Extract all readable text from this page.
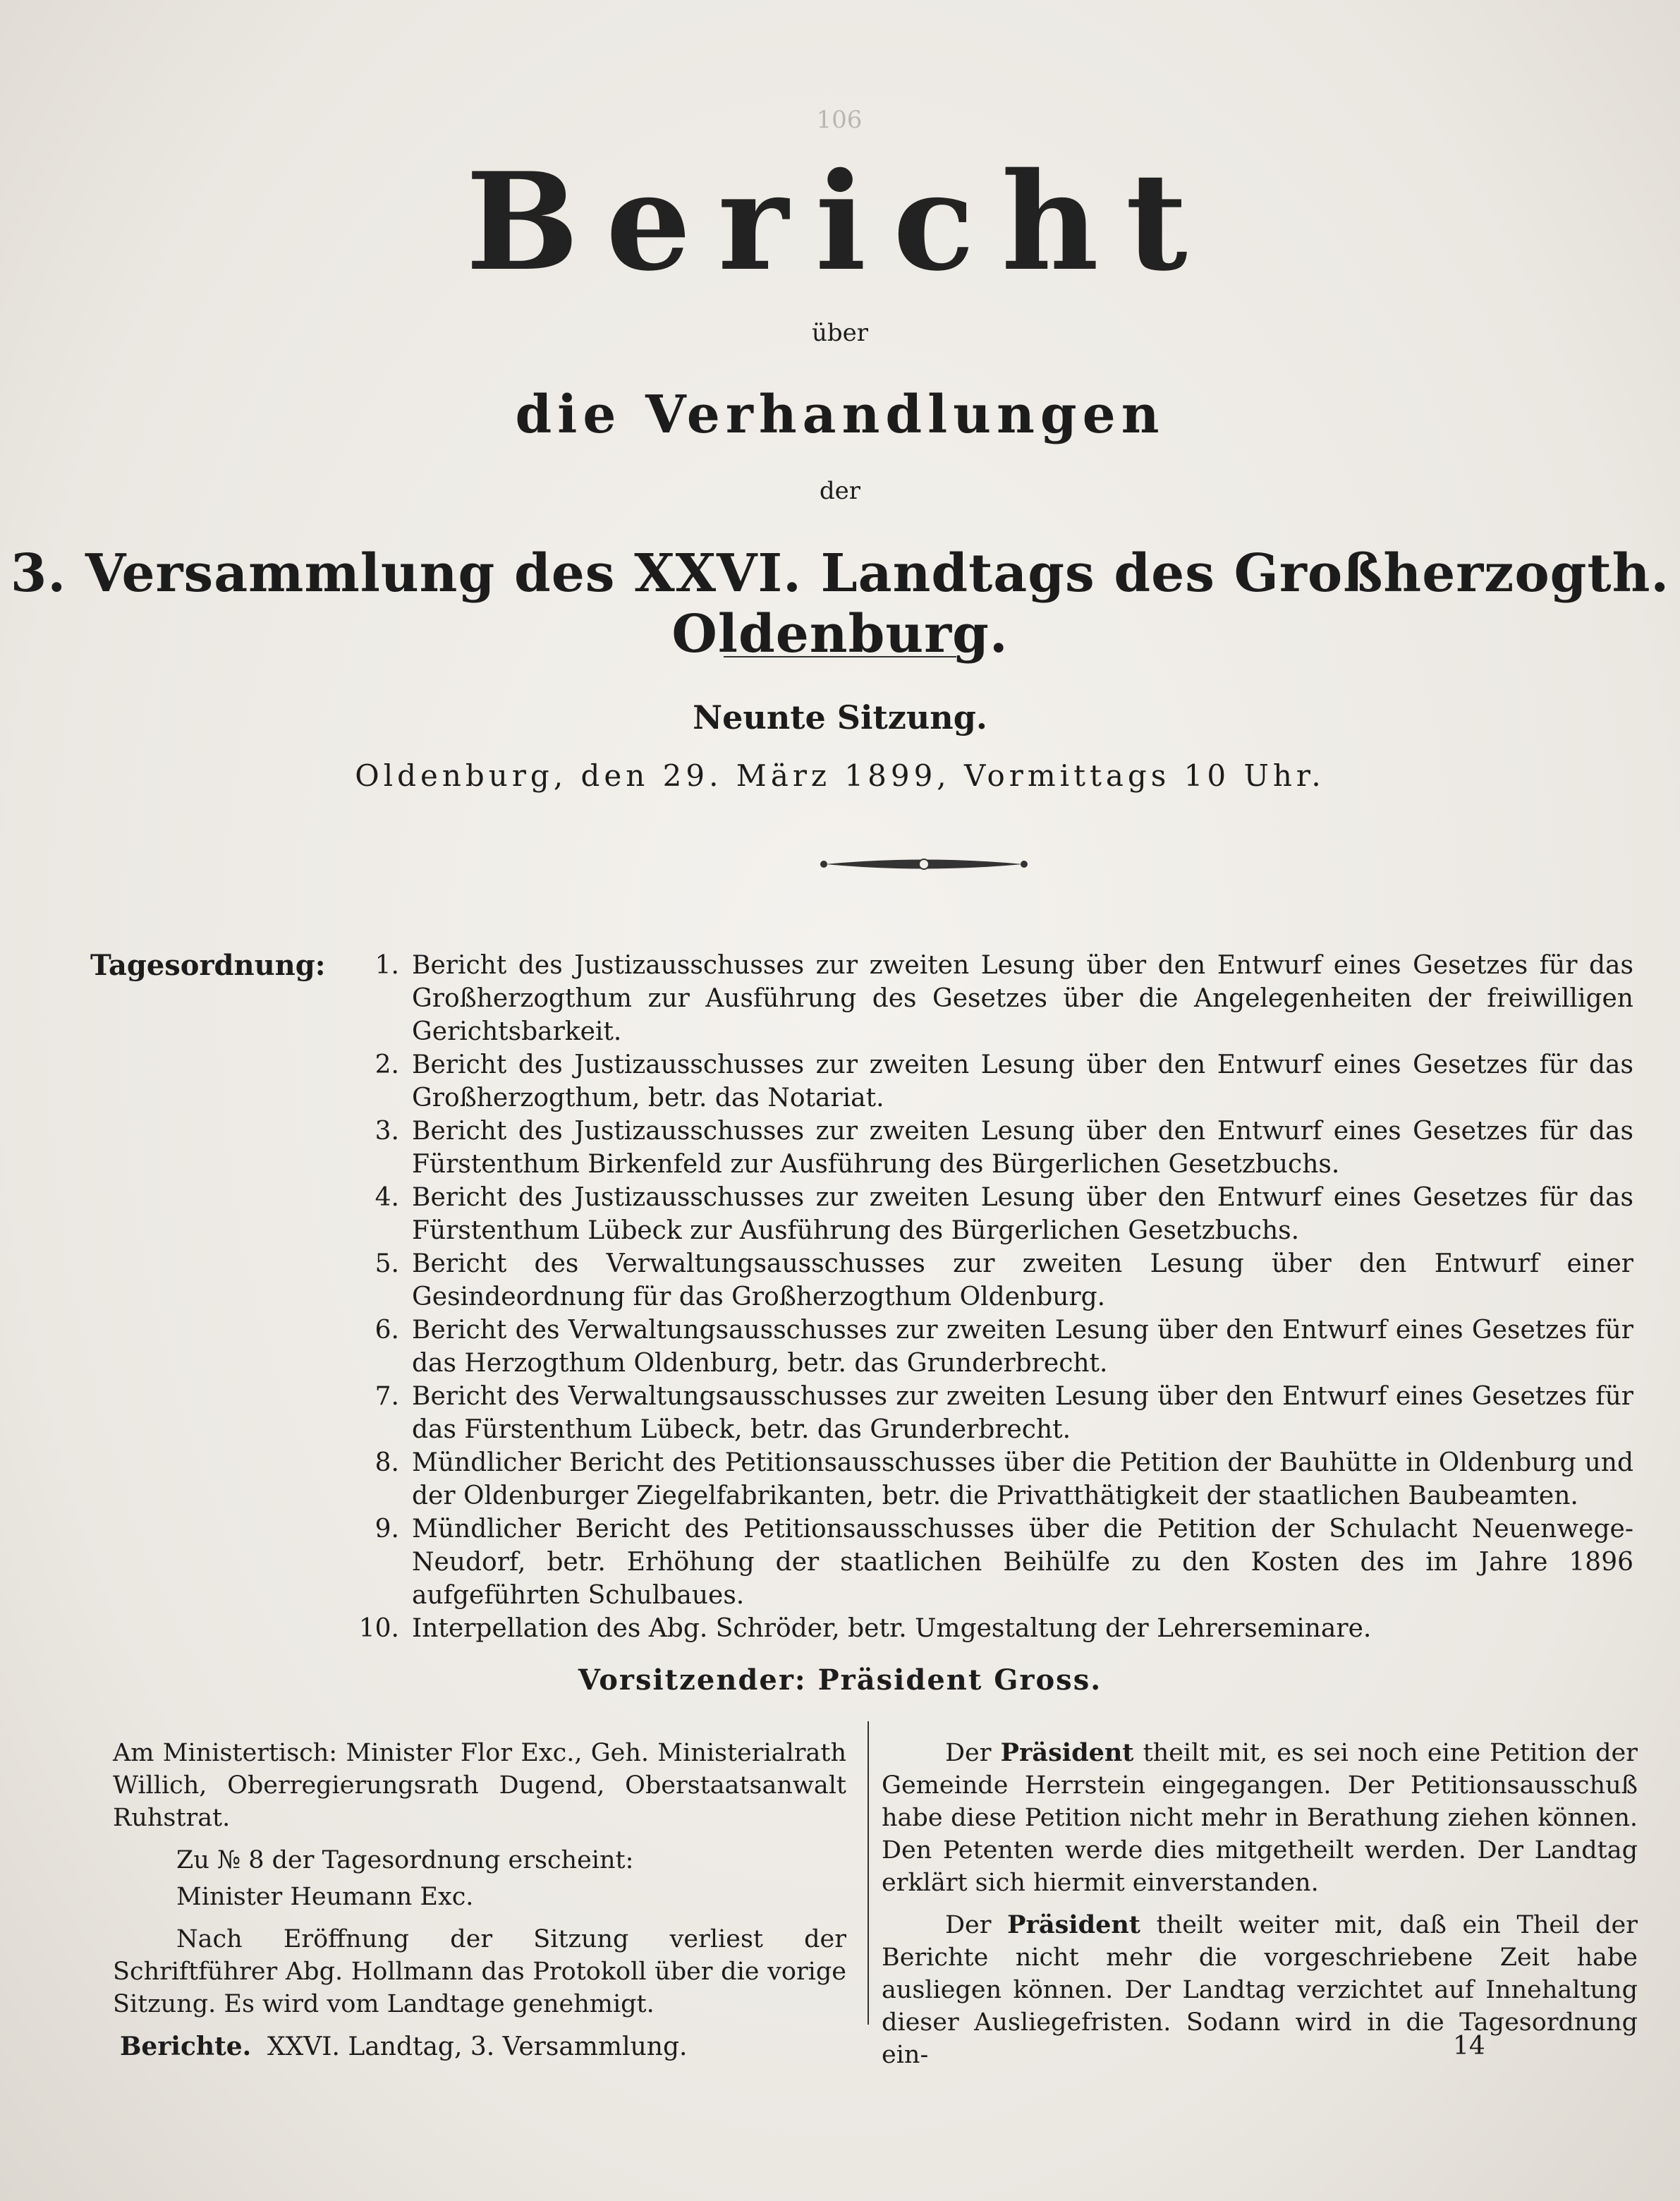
106
Bericht
über
die Verhandlungen
der
3. Versammlung des XXVI. Landtags des Großherzogth. Oldenburg.
Neunte Sitzung.
Oldenburg, den 29. März 1899, Vormittags 10 Uhr.
Tagesordnung:	1. Bericht des Justizausschusses zur zweiten Lesung über den Entwurf eines Gesetzes für das Großherzogthum zur Ausführung des Gesetzes über die Angelegenheiten der freiwilligen Gerichtsbarkeit.
2. Bericht des Justizausschusses zur zweiten Lesung über den Entwurf eines Gesetzes für das Großherzogthum, betr. das Notariat.
3. Bericht des Justizausschusses zur zweiten Lesung über den Entwurf eines Gesetzes für das Fürstenthum Birkenfeld zur Ausführung des Bürgerlichen Gesetzbuchs.
4. Bericht des Justizausschusses zur zweiten Lesung über den Entwurf eines Gesetzes für das Fürstenthum Lübeck zur Ausführung des Bürgerlichen Gesetzbuchs.
5. Bericht des Verwaltungsausschusses zur zweiten Lesung über den Entwurf einer Gesindeordnung für das Großherzogthum Oldenburg.
6. Bericht des Verwaltungsausschusses zur zweiten Lesung über den Entwurf eines Gesetzes für das Herzogthum Oldenburg, betr. das Grunderbrecht.
7. Bericht des Verwaltungsausschusses zur zweiten Lesung über den Entwurf eines Gesetzes für das Fürstenthum Lübeck, betr. das Grunderbrecht.
8. Mündlicher Bericht des Petitionsausschusses über die Petition der Bauhütte in Oldenburg und der Oldenburger Ziegelfabrikanten, betr. die Privatthätigkeit der staatlichen Baubeamten.
9. Mündlicher Bericht des Petitionsausschusses über die Petition der Schulacht Neuenwege-Neudorf, betr. Erhöhung der staatlichen Beihülfe zu den Kosten des im Jahre 1896 aufgeführten Schulbaues.
10. Interpellation des Abg. Schröder, betr. Umgestaltung der Lehrerseminare.
Vorsitzender: Präsident Gross.

Am Ministertisch: Minister Flor Exc., Geh. Ministerialrath Willich, Oberregierungsrath Dugend, Oberstaatsanwalt Ruhstrat.

Zu № 8 der Tagesordnung erscheint:

Minister Heumann Exc.

Nach Eröffnung der Sitzung verliest der Schriftführer Abg. Hollmann das Protokoll über die vorige Sitzung. Es wird vom Landtage genehmigt.

Der Präsident theilt mit, es sei noch eine Petition der Gemeinde Herrstein eingegangen. Der Petitionsausschuß habe diese Petition nicht mehr in Berathung ziehen können. Den Petenten werde dies mitgetheilt werden. Der Landtag erklärt sich hiermit einverstanden.

Der Präsident theilt weiter mit, daß ein Theil der Berichte nicht mehr die vorgeschriebene Zeit habe ausliegen können. Der Landtag verzichtet auf Innehaltung dieser Ausliegefristen. Sodann wird in die Tagesordnung ein-

Berichte. XXVI. Landtag, 3. Versammlung.	14
